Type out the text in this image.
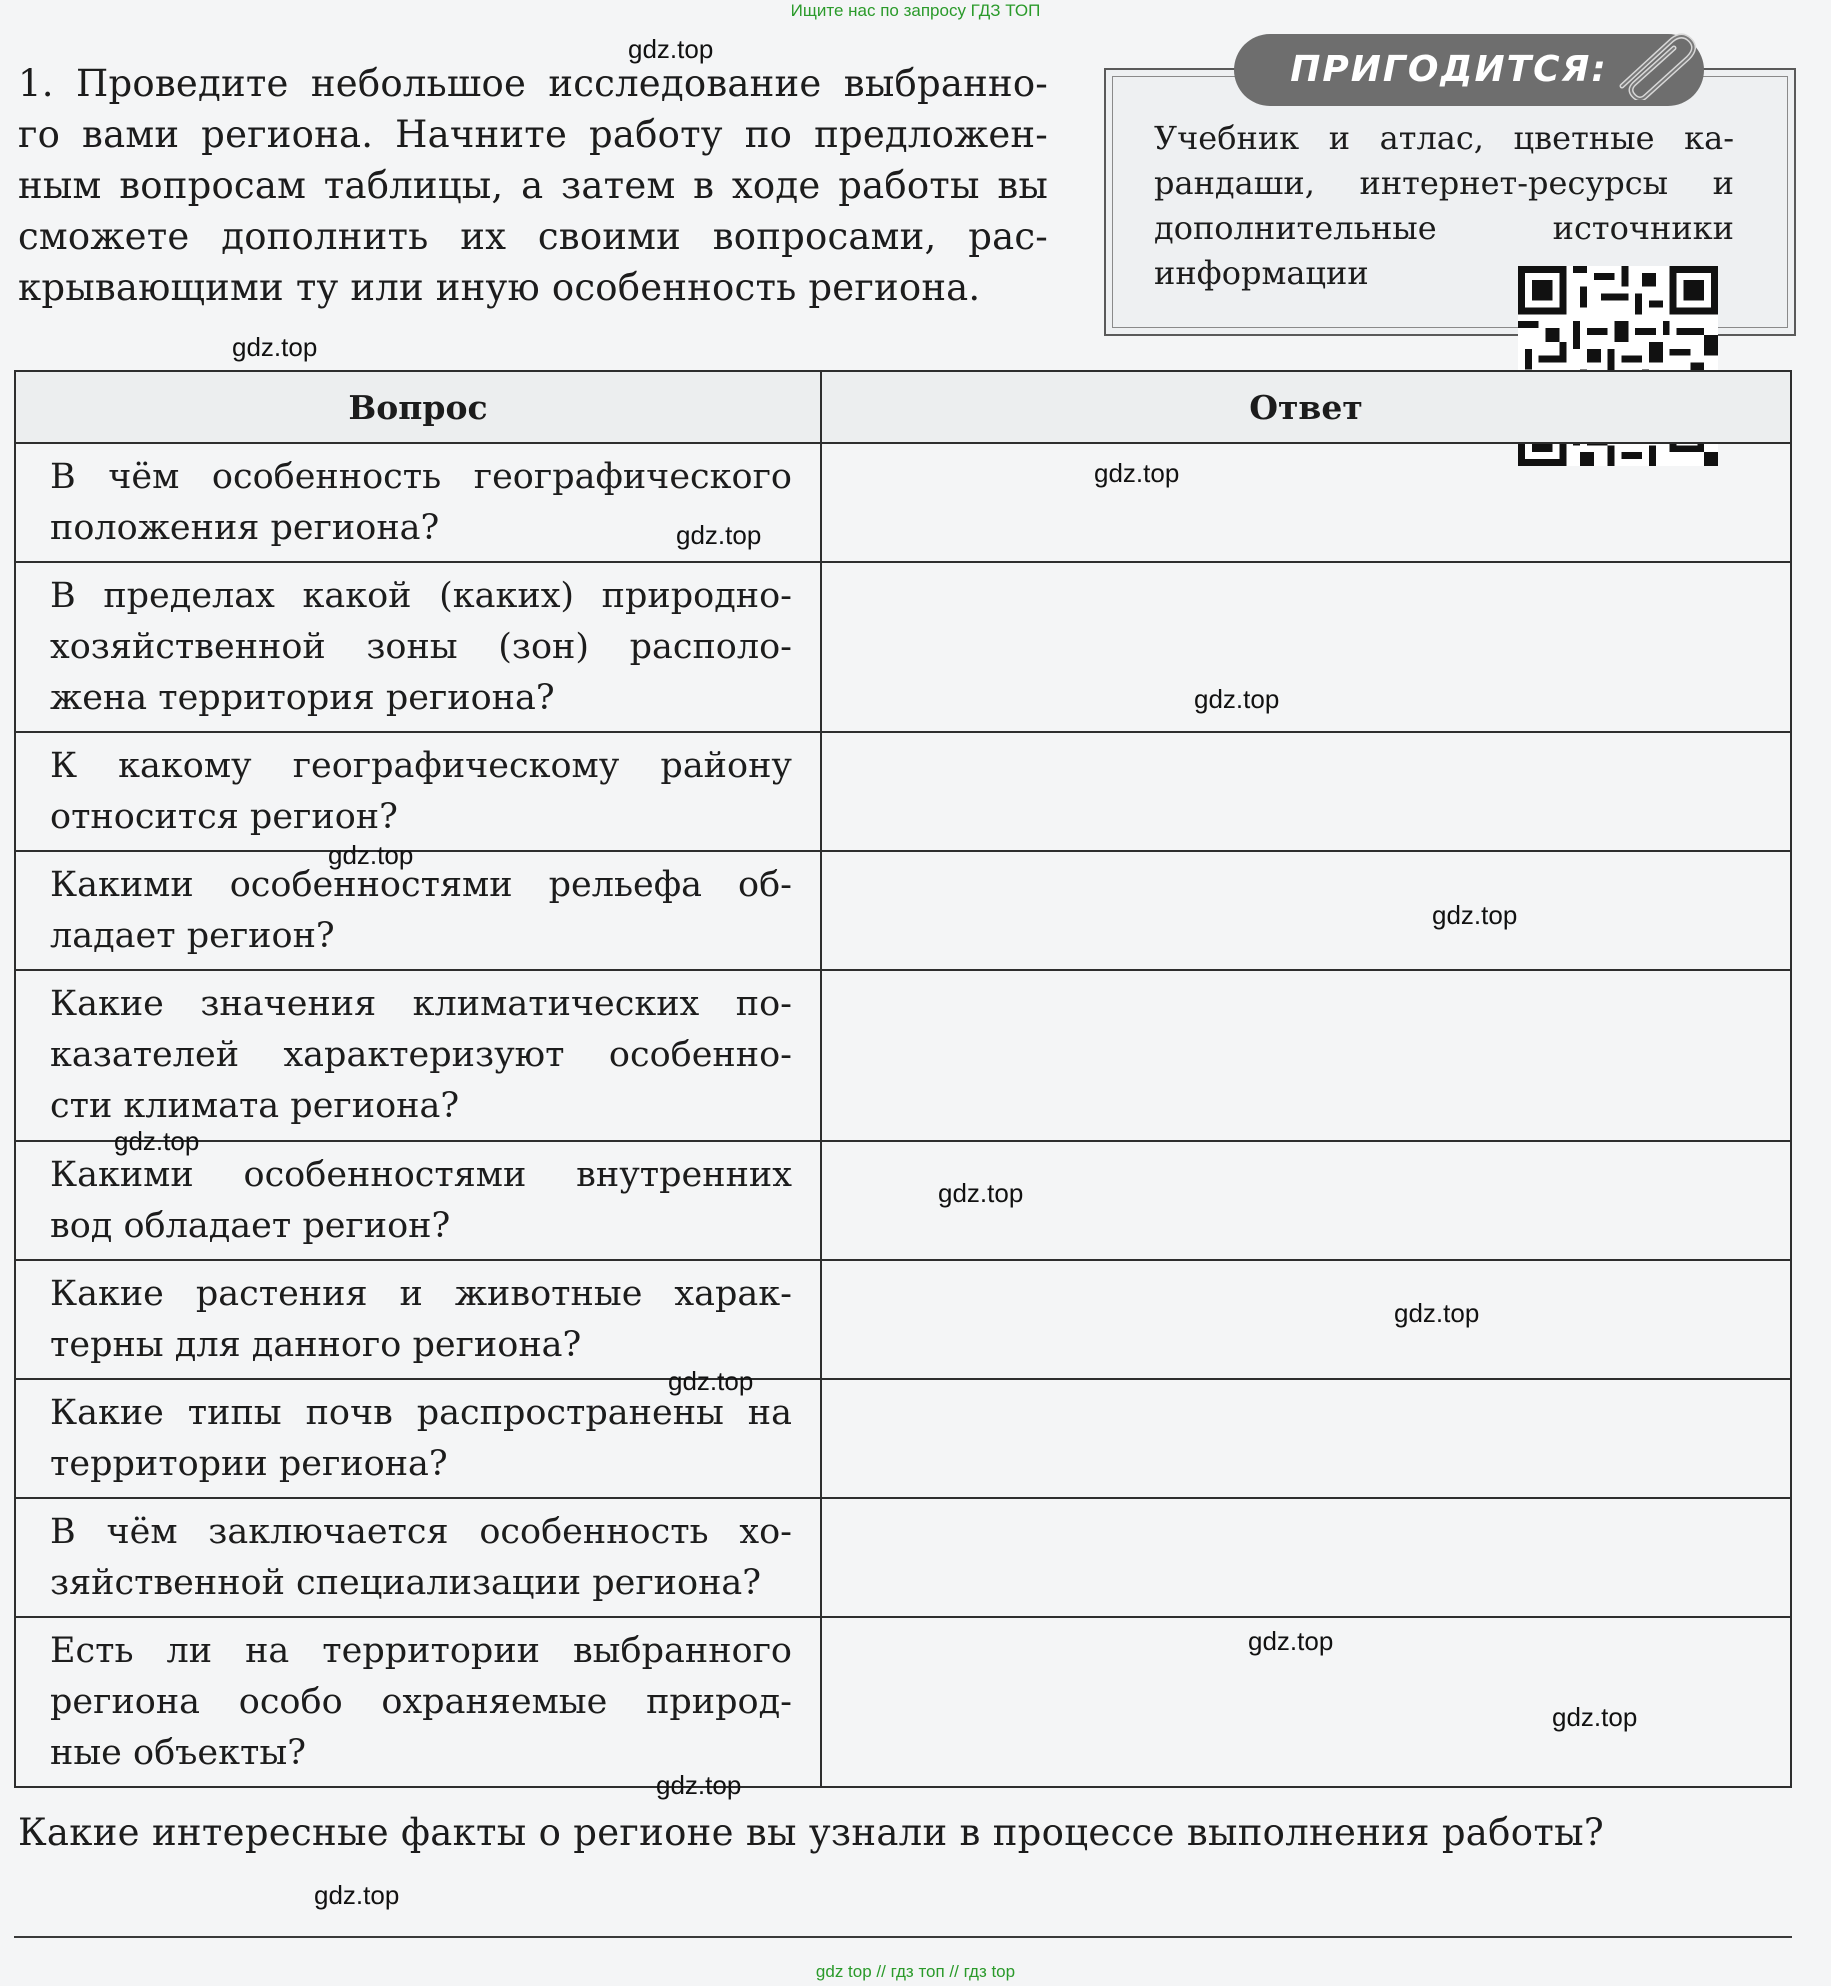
Ищите нас по запросу ГДЗ ТОП
1. Проведите небольшое исследование выбранно-
го вами региона. Начните работу по предложен-
ным вопросам таблицы, а затем в ходе работы вы
сможете дополнить их своими вопросами, рас-
крывающими ту или иную особенность региона.
ПРИГОДИТСЯ:
Учебник и атлас, цветные ка-
рандаши, интернет-ресурсы и
дополнительные источники
информации
Вопрос	Ответ

В чём особенность географического
положения региона?	

В пределах какой (каких) природно-
хозяйственной зоны (зон) располо-
жена территория региона?	

К какому географическому району
относится регион?	

Какими особенностями рельефа об-
ладает регион?	

Какие значения климатических по-
казателей характеризуют особенно-
сти климата региона?	

Какими особенностями внутренних
вод обладает регион?	

Какие растения и животные харак-
терны для данного региона?	

Какие типы почв распространены на
территории региона?	

В чём заключается особенность хо-
зяйственной специализации региона?	

Есть ли на территории выбранного
региона особо охраняемые природ-
ные объекты?	

Какие интересные факты о регионе вы узнали в процессе выполнения работы?
gdz.top
gdz.top
gdz.top
gdz.top
gdz.top
gdz.top
gdz.top
gdz.top
gdz.top
gdz.top
gdz.top
gdz.top
gdz.top
gdz.top
gdz.top
gdz top // гдз топ // гдз top
